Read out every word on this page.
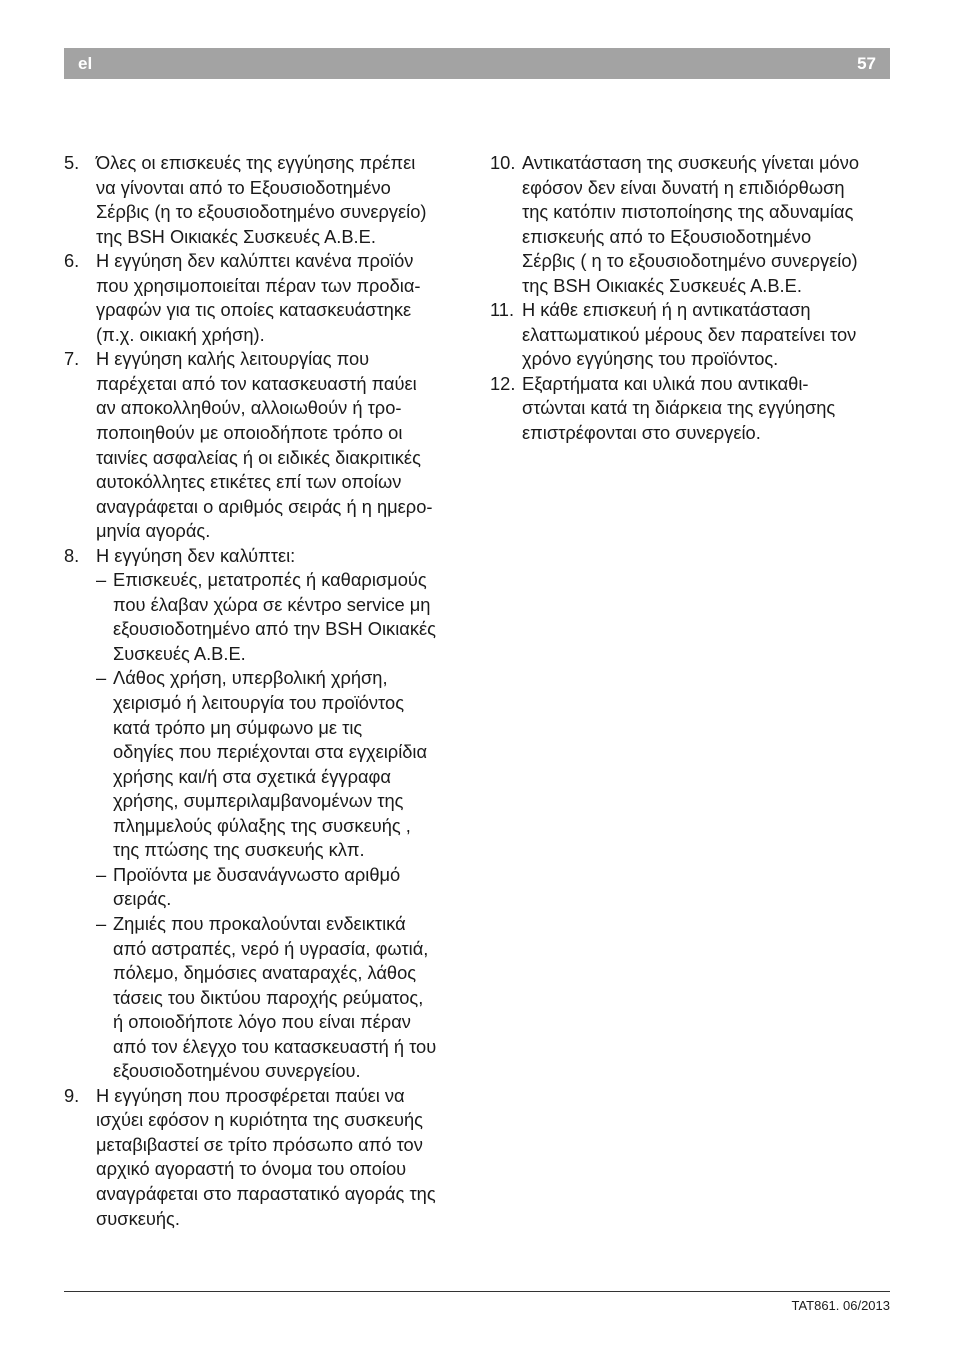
el	57
5. Όλες οι επισκευές της εγγύησης πρέπει
να γίνονται από το Εξουσιοδοτημένο
Σέρβις (η το εξουσιοδοτημένο συνεργείο)
της BSH Οικιακές Συσκευές Α.Β.Ε.
6. Η εγγύηση δεν καλύπτει κανένα προϊόν
που χρησιμοποιείται πέραν των προδια-
γραφών για τις οποίες κατασκευάστηκε
(π.χ. οικιακή χρήση).
7. Η εγγύηση καλής λειτουργίας που
παρέχεται από τον κατασκευαστή παύει
αν αποκολληθούν, αλλοιωθούν ή τρο-
ποποιηθούν με οποιοδήποτε τρόπο οι
ταινίες ασφαλείας ή οι ειδικές διακριτικές
αυτοκόλλητες ετικέτες επί των οποίων
αναγράφεται ο αριθμός σειράς ή η ημερο-
μηνία αγοράς.
8. Η εγγύηση δεν καλύπτει:
– Επισκευές, μετατροπές ή καθαρισμούς
που έλαβαν χώρα σε κέντρο service μη
εξουσιοδοτημένο από την BSH Οικιακές
Συσκευές Α.Β.Ε.
– Λάθος χρήση, υπερβολική χρήση,
χειρισμό ή λειτουργία του προϊόντος
κατά τρόπο μη σύμφωνο με τις
οδηγίες που περιέχονται στα εγχειρίδια
χρήσης και/ή στα σχετικά έγγραφα
χρήσης, συμπεριλαμβανομένων της
πλημμελούς φύλαξης της συσκευής ,
της πτώσης της συσκευής κλπ.
– Προϊόντα με δυσανάγνωστο αριθμό
σειράς.
– Ζημιές που προκαλούνται ενδεικτικά
από αστραπές, νερό ή υγρασία, φωτιά,
πόλεμο, δημόσιες αναταραχές, λάθος
τάσεις του δικτύου παροχής ρεύματος,
ή οποιοδήποτε λόγο που είναι πέραν
από τον έλεγχο του κατασκευαστή ή του
εξουσιοδοτημένου συνεργείου.
9. Η εγγύηση που προσφέρεται παύει να
ισχύει εφόσον η κυριότητα της συσκευής
μεταβιβαστεί σε τρίτο πρόσωπο από τον
αρχικό αγοραστή το όνομα του οποίου
αναγράφεται στο παραστατικό αγοράς της
συσκευής.
10. Αντικατάσταση της συσκευής γίνεται μόνο
εφόσον δεν είναι δυνατή η επιδιόρθωση
της κατόπιν πιστοποίησης της αδυναμίας
επισκευής από το Εξουσιοδοτημένο
Σέρβις ( η το εξουσιοδοτημένο συνεργείο)
της BSH Οικιακές Συσκευές Α.Β.Ε.
11. Η κάθε επισκευή ή η αντικατάσταση
ελαττωματικού μέρους δεν παρατείνει τον
χρόνο εγγύησης του προϊόντος.
12. Εξαρτήματα και υλικά που αντικαθι-
στώνται κατά τη διάρκεια της εγγύησης
επιστρέφονται στο συνεργείο.
TAT861. 06/2013
